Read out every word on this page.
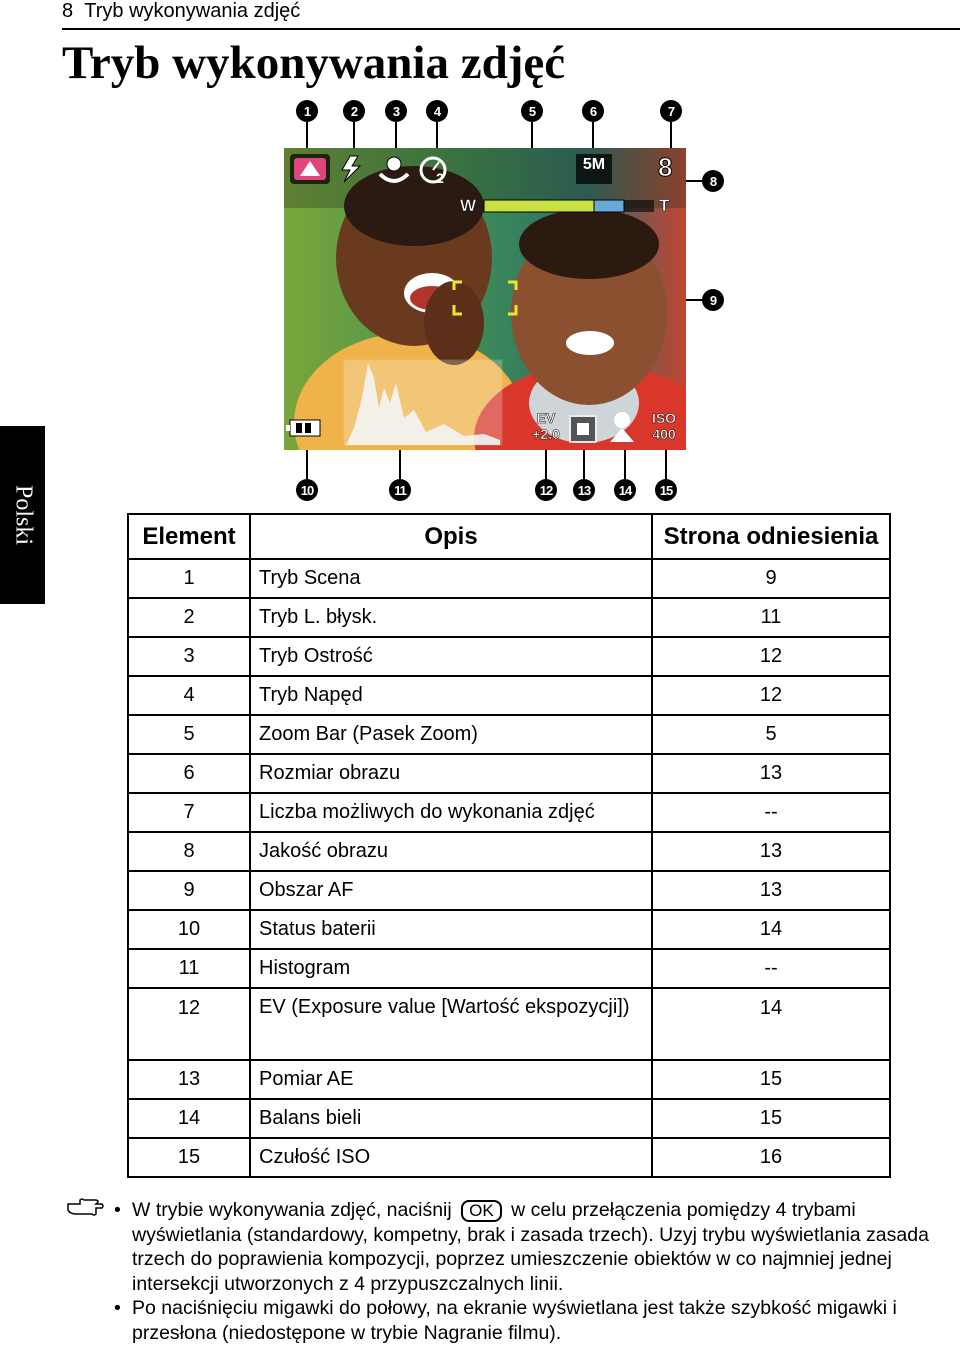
8 Tryb wykonywania zdjęć
Tryb wykonywania zdjęć
Polski
1	2	3	4	5	6	7
8
9
10	11	12	13	14	15
5M 8
W	T
2
EV
+2.0
ISO
400
Element	Opis	Strona odniesienia
1	Tryb Scena	9
2	Tryb L. błysk.	11
3	Tryb Ostrość	12
4	Tryb Napęd	12
5	Zoom Bar (Pasek Zoom)	5
6	Rozmiar obrazu	13
7	Liczba możliwych do wykonania zdjęć	--
8	Jakość obrazu	13
9	Obszar AF	13
10	Status baterii	14
11	Histogram	--
12	EV (Exposure value [Wartość ekspozycji])	14
13	Pomiar AE	15
14	Balans bieli	15
15	Czułość ISO	16
• W trybie wykonywania zdjęć, naciśnij OK w celu przełączenia pomiędzy 4 trybami wyświetlania (standardowy, kompetny, brak i zasada trzech). Uzyj trybu wyświetlania zasada trzech do poprawienia kompozycji, poprzez umieszczenie obiektów w co najmniej jednej intersekcji utworzonych z 4 przypuszczalnych linii.
• Po naciśnięciu migawki do połowy, na ekranie wyświetlana jest także szybkość migawki i przesłona (niedostępone w trybie Nagranie filmu).
